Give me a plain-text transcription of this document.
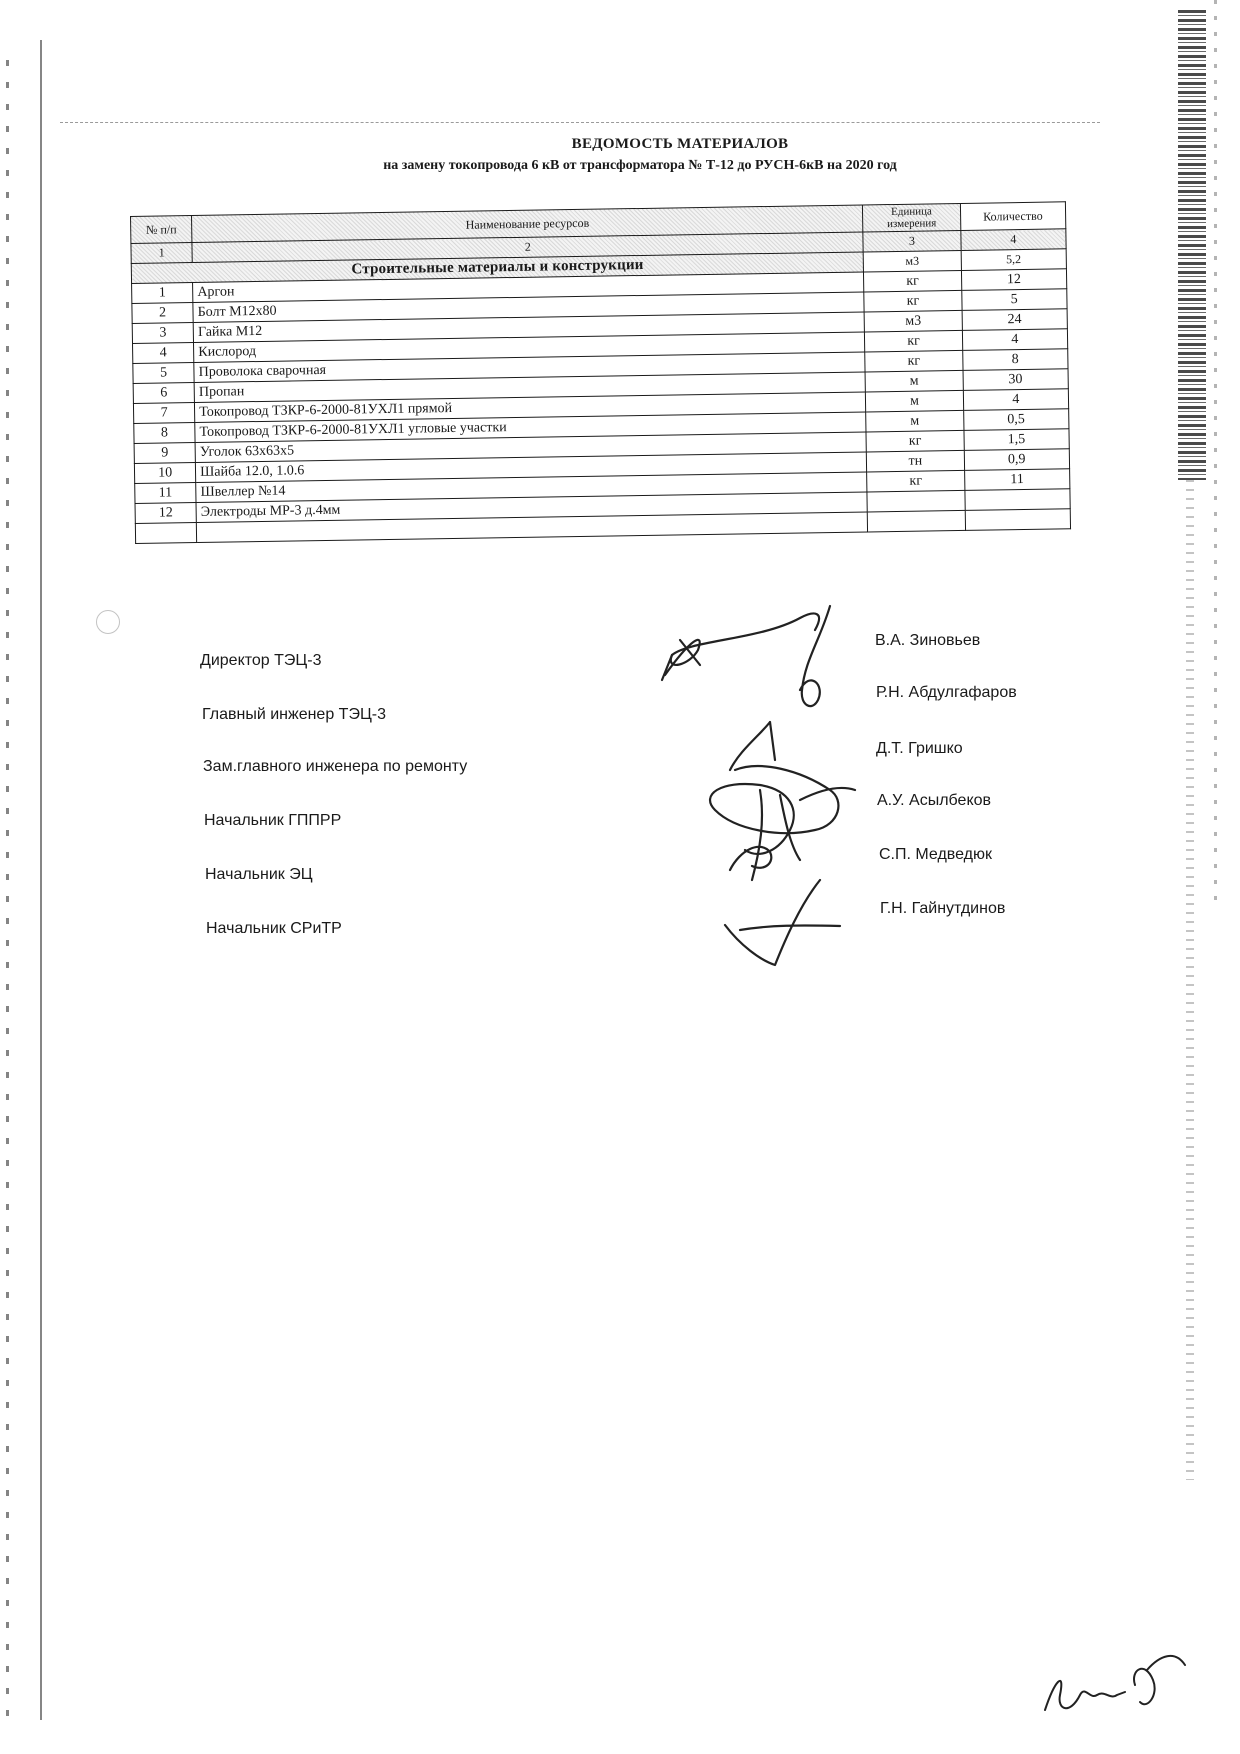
ВЕДОМОСТЬ МАТЕРИАЛОВ
на замену токопровода 6 кВ от трансформатора № Т-12 до РУСН-6кВ на 2020 год
№ п/п	Наименование ресурсов	Единица измерения	Количество
1	2	3	4
Строительные материалы и конструкции		м3	5,2
1	Аргон	кг	12
2	Болт М12х80	кг	5
3	Гайка М12	м3	24
4	Кислород	кг	4
5	Проволока сварочная	кг	8
6	Пропан	м	30
7	Токопровод ТЗКР-6-2000-81УХЛ1 прямой	м	4
8	Токопровод ТЗКР-6-2000-81УХЛ1 угловые участки	м	0,5
9	Уголок 63х63х5	кг	1,5
10	Шайба 12.0, 1.0.6	тн	0,9
11	Швеллер №14	кг	11
12	Электроды МР-3 д.4мм		

Директор ТЭЦ-3
Главный инженер ТЭЦ-3
Зам.главного инженера по ремонту
Начальник ГППРР
Начальник ЭЦ
Начальник СРиТР
В.А. Зиновьев
Р.Н. Абдулгафаров
Д.Т. Гришко
А.У. Асылбеков
С.П. Медведюк
Г.Н. Гайнутдинов
